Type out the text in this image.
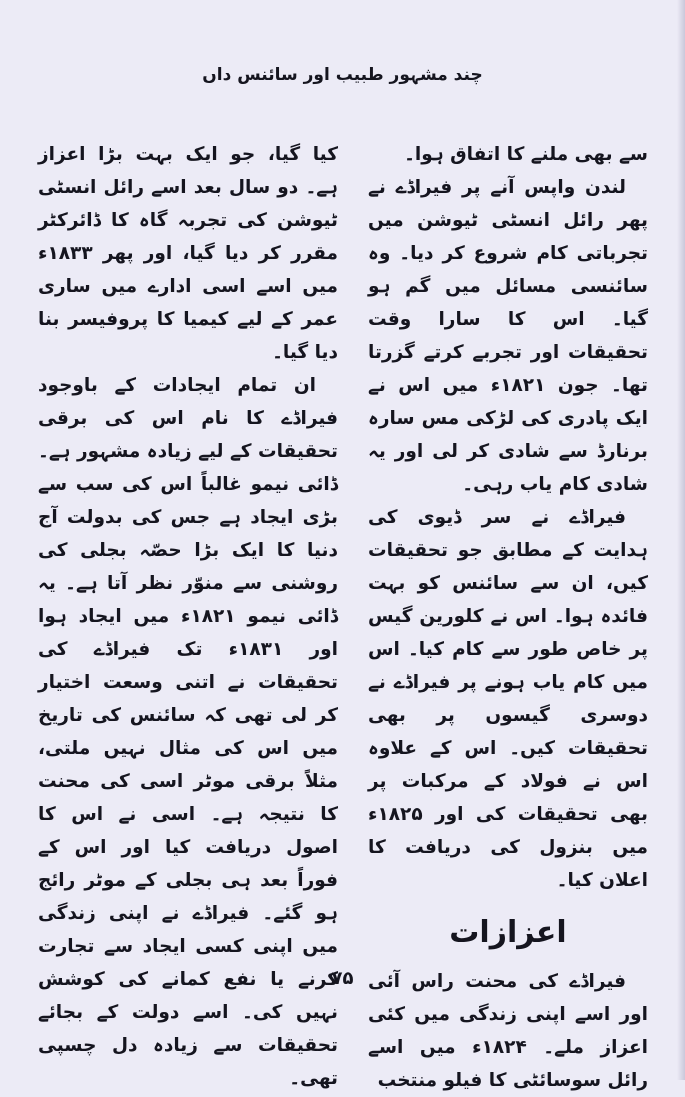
چند مشہور طبیب اور سائنس داں

سے بھی ملنے کا اتفاق ہوا۔

لندن واپس آنے پر فیراڈے نے پھر رائل انسٹی ٹیوشن میں تجرباتی کام شروع کر دیا۔ وہ سائنسی مسائل میں گم ہو گیا۔ اس کا سارا وقت تحقیقات اور تجربے کرتے گزرتا تھا۔ جون ۱۸۲۱ء میں اس نے ایک پادری کی لڑکی مس سارہ برنارڈ سے شادی کر لی اور یہ شادی کام یاب رہی۔

فیراڈے نے سر ڈیوی کی ہدایت کے مطابق جو تحقیقات کیں، ان سے سائنس کو بہت فائدہ ہوا۔ اس نے کلورین گیس پر خاص طور سے کام کیا۔ اس میں کام یاب ہونے پر فیراڈے نے دوسری گیسوں پر بھی تحقیقات کیں۔ اس کے علاوہ اس نے فولاد کے مرکبات پر بھی تحقیقات کی اور ۱۸۲۵ء میں بنزول کی دریافت کا اعلان کیا۔

اعزازات

فیراڈے کی محنت راس آئی اور اسے اپنی زندگی میں کئی اعزاز ملے۔ ۱۸۲۴ء میں اسے رائل سوسائٹی کا فیلو منتخب

کیا گیا، جو ایک بہت بڑا اعزاز ہے۔ دو سال بعد اسے رائل انسٹی ٹیوشن کی تجربہ گاہ کا ڈائرکٹر مقرر کر دیا گیا، اور پھر ۱۸۳۳ء میں اسے اسی ادارے میں ساری عمر کے لیے کیمیا کا پروفیسر بنا دیا گیا۔

ان تمام ایجادات کے باوجود فیراڈے کا نام اس کی برقی تحقیقات کے لیے زیادہ مشہور ہے۔ ڈائی نیمو غالباً اس کی سب سے بڑی ایجاد ہے جس کی بدولت آج دنیا کا ایک بڑا حصّہ بجلی کی روشنی سے منوّر نظر آتا ہے۔ یہ ڈائی نیمو ۱۸۲۱ء میں ایجاد ہوا اور ۱۸۳۱ء تک فیراڈے کی تحقیقات نے اتنی وسعت اختیار کر لی تھی کہ سائنس کی تاریخ میں اس کی مثال نہیں ملتی، مثلاً برقی موٹر اسی کی محنت کا نتیجہ ہے۔ اسی نے اس کا اصول دریافت کیا اور اس کے فوراً بعد ہی بجلی کے موٹر رائج ہو گئے۔ فیراڈے نے اپنی زندگی میں اپنی کسی ایجاد سے تجارت کرنے یا نفع کمانے کی کوشش نہیں کی۔ اسے دولت کے بجائے تحقیقات سے زیادہ دل چسپی تھی۔

۷۵
